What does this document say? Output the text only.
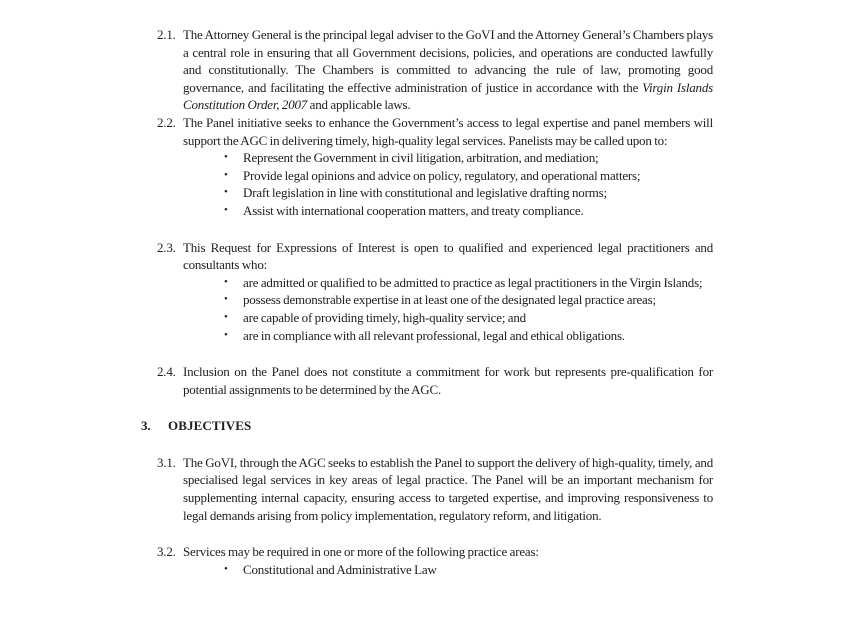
2.1. The Attorney General is the principal legal adviser to the GoVI and the Attorney General’s Chambers plays a central role in ensuring that all Government decisions, policies, and operations are conducted lawfully and constitutionally. The Chambers is committed to advancing the rule of law, promoting good governance, and facilitating the effective administration of justice in accordance with the Virgin Islands Constitution Order, 2007 and applicable laws.
2.2. The Panel initiative seeks to enhance the Government’s access to legal expertise and panel members will support the AGC in delivering timely, high-quality legal services. Panelists may be called upon to:
•	Represent the Government in civil litigation, arbitration, and mediation;
•	Provide legal opinions and advice on policy, regulatory, and operational matters;
•	Draft legislation in line with constitutional and legislative drafting norms;
•	Assist with international cooperation matters, and treaty compliance.
2.3. This Request for Expressions of Interest is open to qualified and experienced legal practitioners and consultants who:
•	are admitted or qualified to be admitted to practice as legal practitioners in the Virgin Islands;
•	possess demonstrable expertise in at least one of the designated legal practice areas;
•	are capable of providing timely, high-quality service; and
•	are in compliance with all relevant professional, legal and ethical obligations.
2.4. Inclusion on the Panel does not constitute a commitment for work but represents pre-qualification for potential assignments to be determined by the AGC.
3.	OBJECTIVES
3.1. The GoVI, through the AGC seeks to establish the Panel to support the delivery of high-quality, timely, and specialised legal services in key areas of legal practice. The Panel will be an important mechanism for supplementing internal capacity, ensuring access to targeted expertise, and improving responsiveness to legal demands arising from policy implementation, regulatory reform, and litigation.
3.2. Services may be required in one or more of the following practice areas:
•	Constitutional and Administrative Law
